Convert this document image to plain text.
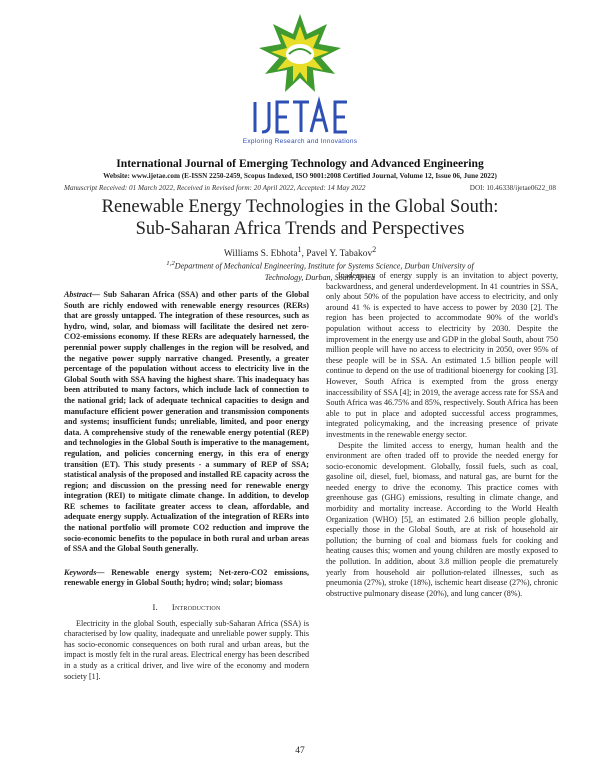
Exploring Research and Innovations
International Journal of Emerging Technology and Advanced Engineering
Website: www.ijetae.com (E-ISSN 2250-2459, Scopus Indexed, ISO 9001:2008 Certified Journal, Volume 12, Issue 06, June 2022)
Manuscript Received: 01 March 2022, Received in Revised form: 20 April 2022, Accepted: 14 May 2022	DOI: 10.46338/ijetae0622_08
Renewable Energy Technologies in the Global South:
Sub-Saharan Africa Trends and Perspectives
Williams S. Ebhota$^1$, Pavel Y. Tabakov$^2$
$^{1,2}$Department of Mechanical Engineering, Institute for Systems Science, Durban University of Technology, Durban, South Africa
Abstract— Sub Saharan Africa (SSA) and other parts of the Global South are richly endowed with renewable energy resources (RERs) that are grossly untapped. The integration of these resources, such as hydro, wind, solar, and biomass will facilitate the desired net zero-CO2-emissions economy. If these RERs are adequately harnessed, the perennial power supply challenges in the region will be resolved, and the negative power supply narrative changed. Presently, a greater percentage of the population without access to electricity live in the Global South with SSA having the highest share. This inadequacy has been attributed to many factors, which include lack of connection to the national grid; lack of adequate technical capacities to design and manufacture efficient power generation and transmission components and systems; insufficient funds; unreliable, limited, and poor energy data. A comprehensive study of the renewable energy potential (REP) and technologies in the Global South is imperative to the management, regulation, and policies concerning energy, in this era of energy transition (ET). This study presents - a summary of REP of SSA; statistical analysis of the proposed and installed RE capacity across the region; and discussion on the pressing need for renewable energy integration (REI) to mitigate climate change. In addition, to develop RE schemes to facilitate greater access to clean, affordable, and adequate energy supply. Actualization of the integration of RERs into the national portfolio will promote CO2 reduction and improve the socio-economic benefits to the populace in both rural and urban areas of SSA and the Global South generally.
Keywords— Renewable energy system; Net-zero-CO2 emissions, renewable energy in Global South; hydro; wind; solar; biomass
I. Introduction

Electricity in the global South, especially sub-Saharan Africa (SSA) is characterised by low quality, inadequate and unreliable power supply. This has socio-economic consequences on both rural and urban areas, but the impact is mostly felt in the rural areas. Electrical energy has been described in a study as a critical driver, and live wire of the economy and modern society [1].

Inadequacy of energy supply is an invitation to abject poverty, backwardness, and general underdevelopment. In 41 countries in SSA, only about 50% of the population have access to electricity, and only around 41 % is expected to have access to power by 2030 [2]. The region has been projected to accommodate 90% of the world's population without access to electricity by 2030. Despite the improvement in the energy use and GDP in the global South, about 750 million people will have no access to electricity in 2050, over 95% of these people will be in SSA. An estimated 1.5 billion people will continue to depend on the use of traditional bioenergy for cooking [3]. However, South Africa is exempted from the gross energy inaccessibility of SSA [4]; in 2019, the average access rate for SSA and South Africa was 46.75% and 85%, respectively. South Africa has been able to put in place and adopted successful access programmes, integrated policymaking, and the increasing presence of private investments in the renewable energy sector.

Despite the limited access to energy, human health and the environment are often traded off to provide the needed energy for socio-economic development. Globally, fossil fuels, such as coal, gasoline oil, diesel, fuel, biomass, and natural gas, are burnt for the needed energy to drive the economy. This practice comes with greenhouse gas (GHG) emissions, resulting in climate change, and morbidity and mortality increase. According to the World Health Organization (WHO) [5], an estimated 2.6 billion people globally, especially those in the Global South, are at risk of household air pollution; the burning of coal and biomass fuels for cooking and heating causes this; women and young children are mostly exposed to the pollution. In addition, about 3.8 million people die prematurely yearly from household air pollution-related illnesses, such as pneumonia (27%), stroke (18%), ischemic heart disease (27%), chronic obstructive pulmonary disease (20%), and lung cancer (8%).

47
